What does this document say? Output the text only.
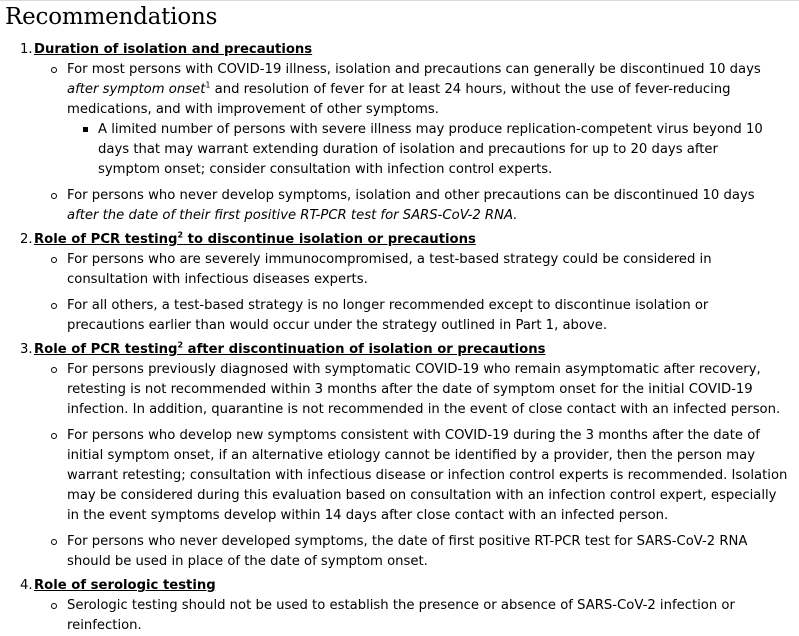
Recommendations
1. Duration of isolation and precautions
For most persons with COVID-19 illness, isolation and precautions can generally be discontinued 10 days after symptom onset$^1$ and resolution of fever for at least 24 hours, without the use of fever-reducing medications, and with improvement of other symptoms.
A limited number of persons with severe illness may produce replication-competent virus beyond 10 days that may warrant extending duration of isolation and precautions for up to 20 days after symptom onset; consider consultation with infection control experts.
For persons who never develop symptoms, isolation and other precautions can be discontinued 10 days after the date of their first positive RT-PCR test for SARS-CoV-2 RNA.
2. Role of PCR testing$^2$ to discontinue isolation or precautions
For persons who are severely immunocompromised, a test-based strategy could be considered in consultation with infectious diseases experts.
For all others, a test-based strategy is no longer recommended except to discontinue isolation or precautions earlier than would occur under the strategy outlined in Part 1, above.
3. Role of PCR testing$^2$ after discontinuation of isolation or precautions
For persons previously diagnosed with symptomatic COVID-19 who remain asymptomatic after recovery, retesting is not recommended within 3 months after the date of symptom onset for the initial COVID-19 infection. In addition, quarantine is not recommended in the event of close contact with an infected person.
For persons who develop new symptoms consistent with COVID-19 during the 3 months after the date of initial symptom onset, if an alternative etiology cannot be identified by a provider, then the person may warrant retesting; consultation with infectious disease or infection control experts is recommended. Isolation may be considered during this evaluation based on consultation with an infection control expert, especially in the event symptoms develop within 14 days after close contact with an infected person.
For persons who never developed symptoms, the date of first positive RT-PCR test for SARS-CoV-2 RNA should be used in place of the date of symptom onset.
4. Role of serologic testing
Serologic testing should not be used to establish the presence or absence of SARS-CoV-2 infection or reinfection.
